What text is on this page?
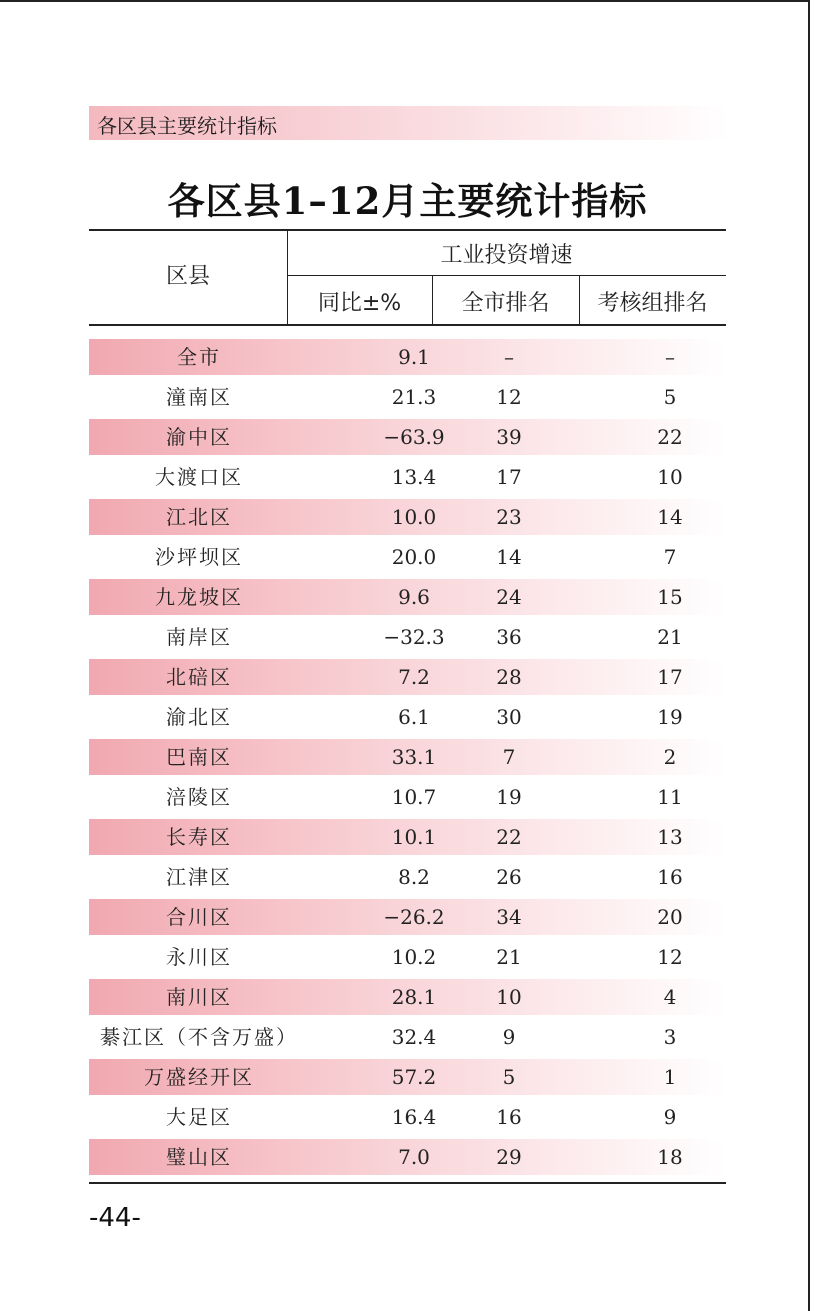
各区县主要统计指标
各区县1–12月主要统计指标
区县
工业投资增速
同比±%	全市排名	考核组排名
全市	9.1	–	–
潼南区	21.3	12	5
渝中区	−63.9	39	22
大渡口区	13.4	17	10
江北区	10.0	23	14
沙坪坝区	20.0	14	7
九龙坡区	9.6	24	15
南岸区	−32.3	36	21
北碚区	7.2	28	17
渝北区	6.1	30	19
巴南区	33.1	7	2
涪陵区	10.7	19	11
长寿区	10.1	22	13
江津区	8.2	26	16
合川区	−26.2	34	20
永川区	10.2	21	12
南川区	28.1	10	4
綦江区（不含万盛）	32.4	9	3
万盛经开区	57.2	5	1
大足区	16.4	16	9
璧山区	7.0	29	18
-44-
